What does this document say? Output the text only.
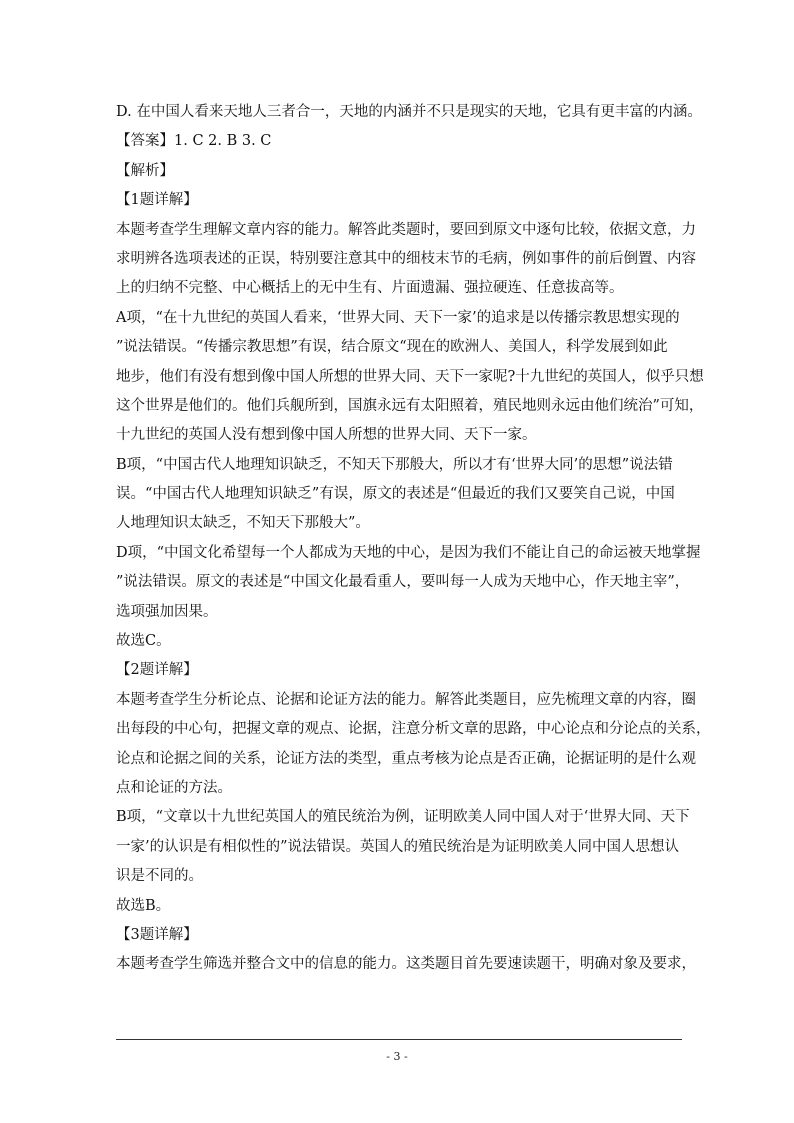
D. 在中国人看来天地人三者合一，天地的内涵并不只是现实的天地，它具有更丰富的内涵。
【答案】1. C 2. B 3. C
【解析】
【1题详解】
本题考查学生理解文章内容的能力。解答此类题时，要回到原文中逐句比较，依据文意，力
求明辨各选项表述的正误，特别要注意其中的细枝末节的毛病，例如事件的前后倒置、内容
上的归纳不完整、中心概括上的无中生有、片面遗漏、强拉硬连、任意拔高等。
A项，“在十九世纪的英国人看来，‘世界大同、天下一家’的追求是以传播宗教思想实现的
”说法错误。“传播宗教思想”有误，结合原文“现在的欧洲人、美国人，科学发展到如此
地步，他们有没有想到像中国人所想的世界大同、天下一家呢?十九世纪的英国人，似乎只想
这个世界是他们的。他们兵舰所到，国旗永远有太阳照着，殖民地则永远由他们统治”可知，
十九世纪的英国人没有想到像中国人所想的世界大同、天下一家。
B项，“中国古代人地理知识缺乏，不知天下那般大，所以才有‘世界大同’的思想”说法错
误。“中国古代人地理知识缺乏”有误，原文的表述是“但最近的我们又要笑自己说，中国
人地理知识太缺乏，不知天下那般大”。
D项，“中国文化希望每一个人都成为天地的中心，是因为我们不能让自己的命运被天地掌握
”说法错误。原文的表述是“中国文化最看重人，要叫每一人成为天地中心，作天地主宰”，
选项强加因果。
故选C。
【2题详解】
本题考查学生分析论点、论据和论证方法的能力。解答此类题目，应先梳理文章的内容，圈
出每段的中心句，把握文章的观点、论据，注意分析文章的思路，中心论点和分论点的关系，
论点和论据之间的关系，论证方法的类型，重点考核为论点是否正确，论据证明的是什么观
点和论证的方法。
B项，“文章以十九世纪英国人的殖民统治为例，证明欧美人同中国人对于‘世界大同、天下
一家’的认识是有相似性的”说法错误。英国人的殖民统治是为证明欧美人同中国人思想认
识是不同的。
故选B。
【3题详解】
本题考查学生筛选并整合文中的信息的能力。这类题目首先要速读题干，明确对象及要求，
- 3 -
